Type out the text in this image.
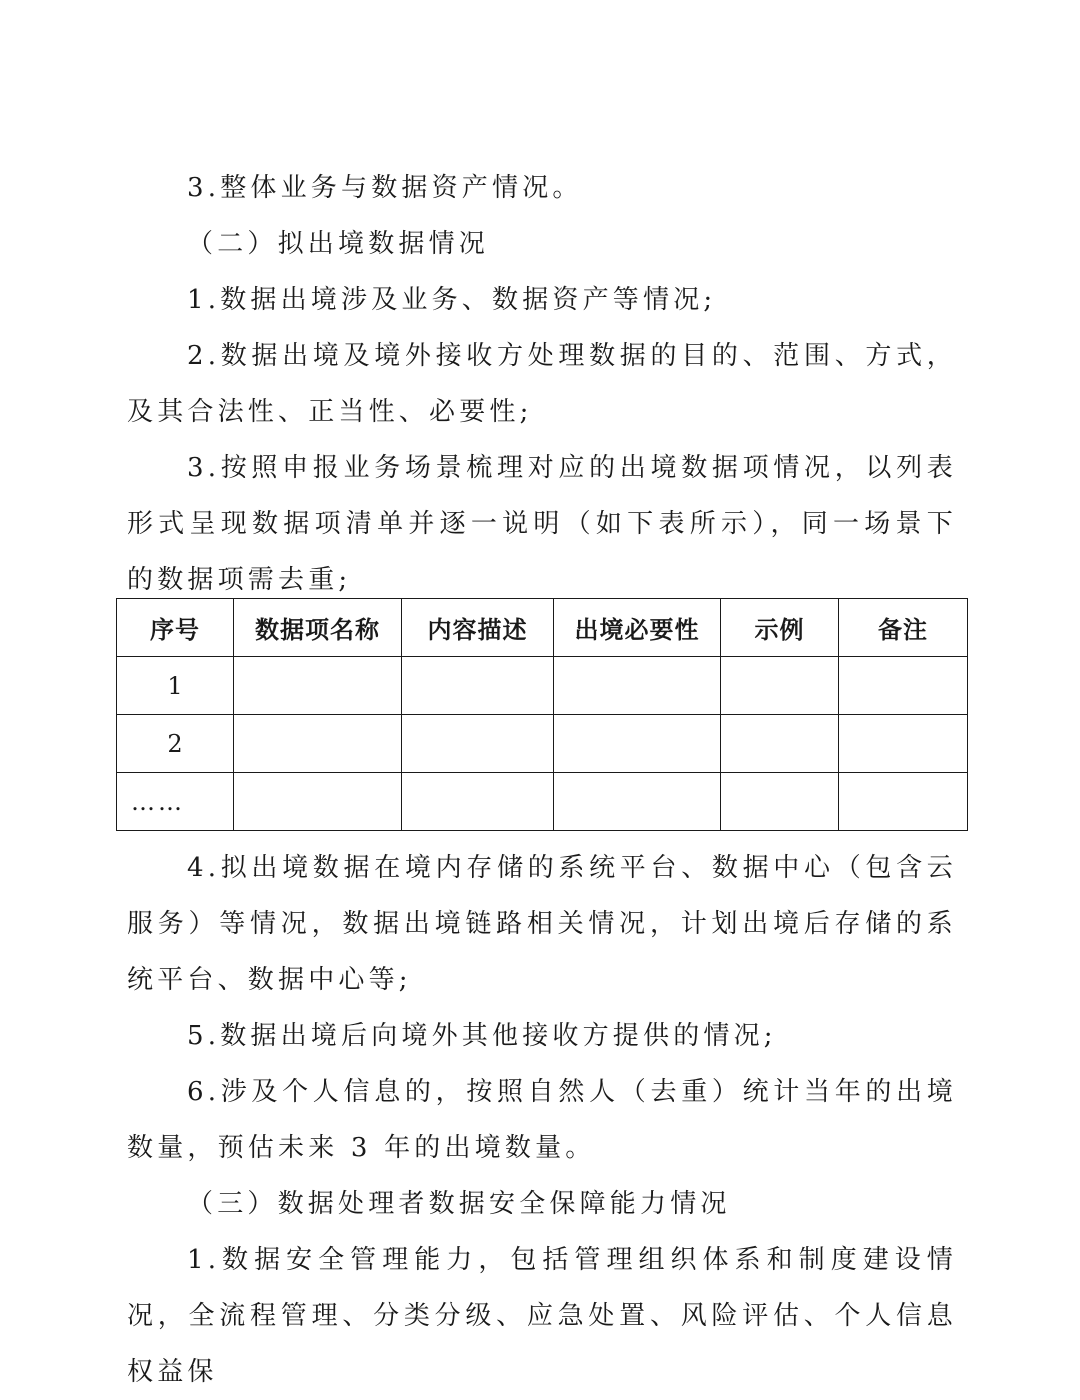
3.整体业务与数据资产情况。

（二）拟出境数据情况

1.数据出境涉及业务、数据资产等情况;

2.数据出境及境外接收方处理数据的目的、范围、方式，及其合法性、正当性、必要性;

3.按照申报业务场景梳理对应的出境数据项情况，以列表形式呈现数据项清单并逐一说明（如下表所示），同一场景下的数据项需去重;

序号	数据项名称	内容描述	出境必要性	示例	备注
1					
2					
……					

4.拟出境数据在境内存储的系统平台、数据中心（包含云服务）等情况，数据出境链路相关情况，计划出境后存储的系统平台、数据中心等;

5.数据出境后向境外其他接收方提供的情况;

6.涉及个人信息的，按照自然人（去重）统计当年的出境数量，预估未来 3 年的出境数量。

（三）数据处理者数据安全保障能力情况

1.数据安全管理能力，包括管理组织体系和制度建设情况，全流程管理、分类分级、应急处置、风险评估、个人信息权益保
